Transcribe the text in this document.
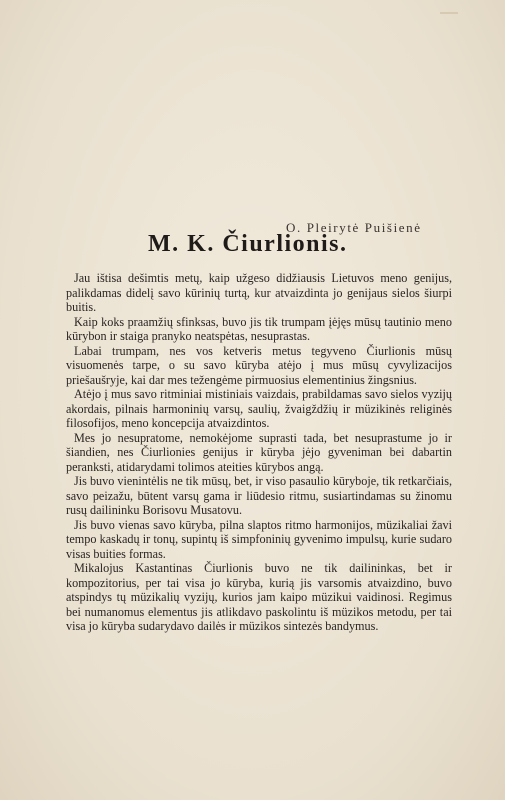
O. Pleirytė Puišienė
M. K. Čiurlionis.

Jau ištisa dešimtis metų, kaip užgeso didžiausis Lietuvos meno genijus, palikdamas didelį savo kūrinių turtą, kur atvaizdinta jo genijaus sielos šiurpi buitis.

Kaip koks praamžių sfinksas, buvo jis tik trumpam įėjęs mūsų tautinio meno kūrybon ir staiga pranyko neatspėtas, nesuprastas.

Labai trumpam, nes vos ketveris metus tegyveno Čiurlionis mūsų visuomenės tarpe, o su savo kūryba atėjo į mus mūsų cyvylizacijos priešaušryje, kai dar mes težengėme pirmuosius elementinius žingsnius.

Atėjo į mus savo ritminiai mistiniais vaizdais, prabildamas savo sielos vyzijų akordais, pilnais harmoninių varsų, saulių, žvaigždžių ir müzikinės religinės filosofijos, meno koncepcija atvaizdintos.

Mes jo nesupratome, nemokėjome suprasti tada, bet nesuprastume jo ir šiandien, nes Čiurlionies genijus ir kūryba jėjo gyveniman bei dabartin peranksti, atidarydami tolimos ateities kūrybos angą.

Jis buvo vienintėlis ne tik mūsų, bet, ir viso pasaulio kūryboje, tik retkarčiais, savo peizažu, būtent varsų gama ir liūdesio ritmu, susiartindamas su žinomu rusų dailininku Borisovu Musatovu.

Jis buvo vienas savo kūryba, pilna slaptos ritmo harmonijos, müzikaliai žavi tempo kaskadų ir tonų, supintų iš simpfoninių gyvenimo impulsų, kurie sudaro visas buities formas.

Mikalojus Kastantinas Čiurlionis buvo ne tik dailininkas, bet ir kompozitorius, per tai visa jo kūryba, kurią jis varsomis atvaizdino, buvo atspindys tų müzikalių vyzijų, kurios jam kaipo müzikui vaidinosi. Regimus bei numanomus elementus jis atlikdavo paskolintu iš müzikos metodu, per tai visa jo kūryba sudarydavo dailės ir müzikos sintezės bandymus.
